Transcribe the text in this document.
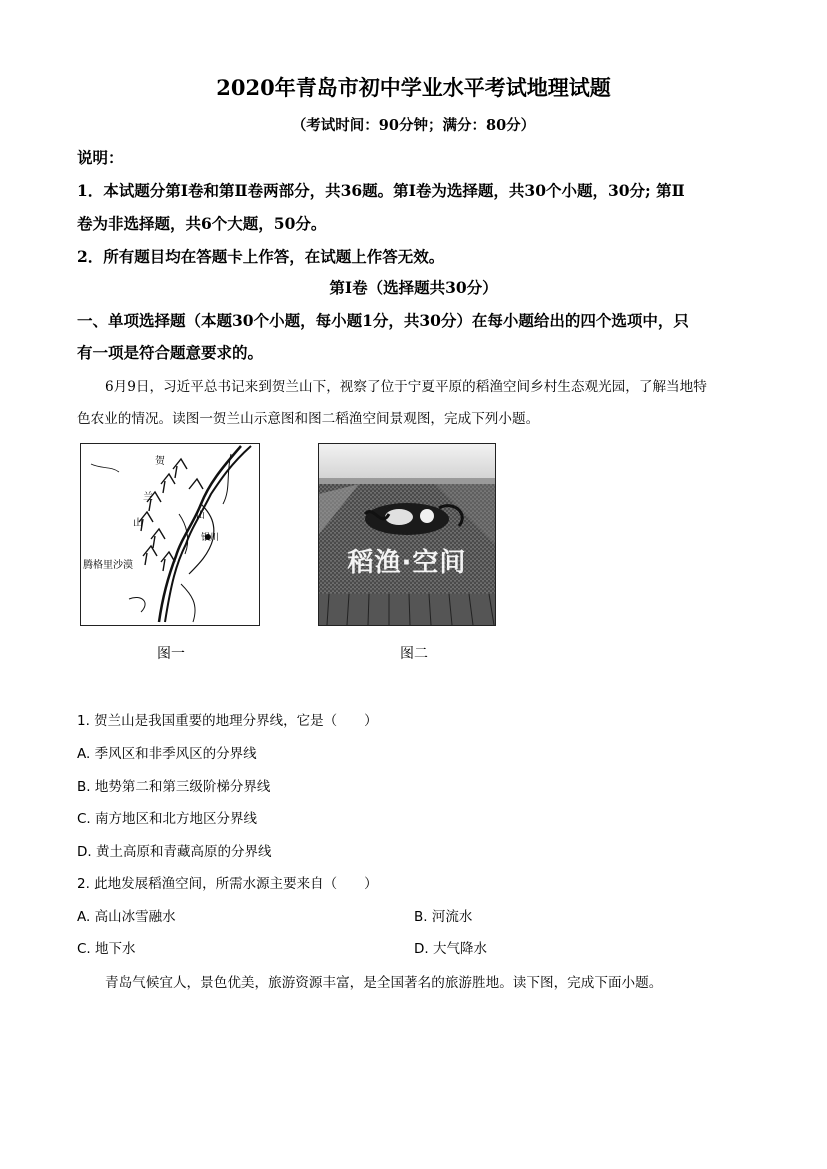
2020年青岛市初中学业水平考试地理试题
（考试时间：90分钟；满分：80分）
说明：
1．本试题分第Ⅰ卷和第Ⅱ卷两部分，共36题。第Ⅰ卷为选择题，共30个小题，30分; 第Ⅱ
卷为非选择题，共6个大题，50分。
2．所有题目均在答题卡上作答，在试题上作答无效。
第Ⅰ卷（选择题共30分）
一、单项选择题（本题30个小题，每小题1分，共30分）在每小题给出的四个选项中，只
有一项是符合题意要求的。
6月9日，习近平总书记来到贺兰山下，视察了位于宁夏平原的稻渔空间乡村生态观光园，了解当地特
色农业的情况。读图一贺兰山示意图和图二稻渔空间景观图，完成下列小题。
腾格里沙漠
贺
兰
山
山
银川
图一
稻渔·空间
图二
1. 贺兰山是我国重要的地理分界线，它是（　　）
A. 季风区和非季风区的分界线
B. 地势第二和第三级阶梯分界线
C. 南方地区和北方地区分界线
D. 黄土高原和青藏高原的分界线
2. 此地发展稻渔空间，所需水源主要来自（　　）
A. 高山冰雪融水	B. 河流水
C. 地下水	D. 大气降水
青岛气候宜人，景色优美，旅游资源丰富，是全国著名的旅游胜地。读下图，完成下面小题。
